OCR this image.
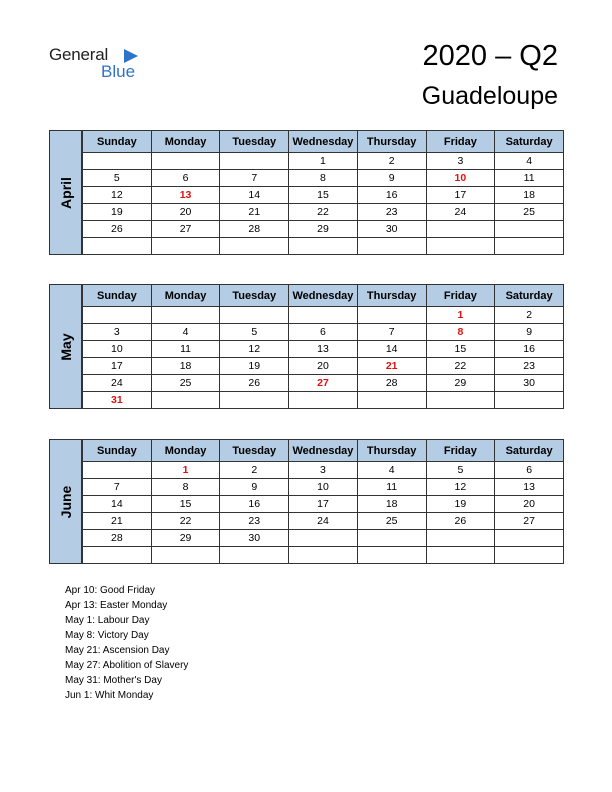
General
Blue	2020 – Q2
Guadeloupe
Sunday	Monday	Tuesday	Wednesday	Thursday	Friday	Saturday
			1	2	3	4
5	6	7	8	9	10	11
12	13	14	15	16	17	18
19	20	21	22	23	24	25
26	27	28	29	30		

April
Sunday	Monday	Tuesday	Wednesday	Thursday	Friday	Saturday
					1	2
3	4	5	6	7	8	9
10	11	12	13	14	15	16
17	18	19	20	21	22	23
24	25	26	27	28	29	30
31						
May
Sunday	Monday	Tuesday	Wednesday	Thursday	Friday	Saturday
	1	2	3	4	5	6
7	8	9	10	11	12	13
14	15	16	17	18	19	20
21	22	23	24	25	26	27
28	29	30				

June
Apr 10: Good Friday
Apr 13: Easter Monday
May 1: Labour Day
May 8: Victory Day
May 21: Ascension Day
May 27: Abolition of Slavery
May 31: Mother's Day
Jun 1: Whit Monday
